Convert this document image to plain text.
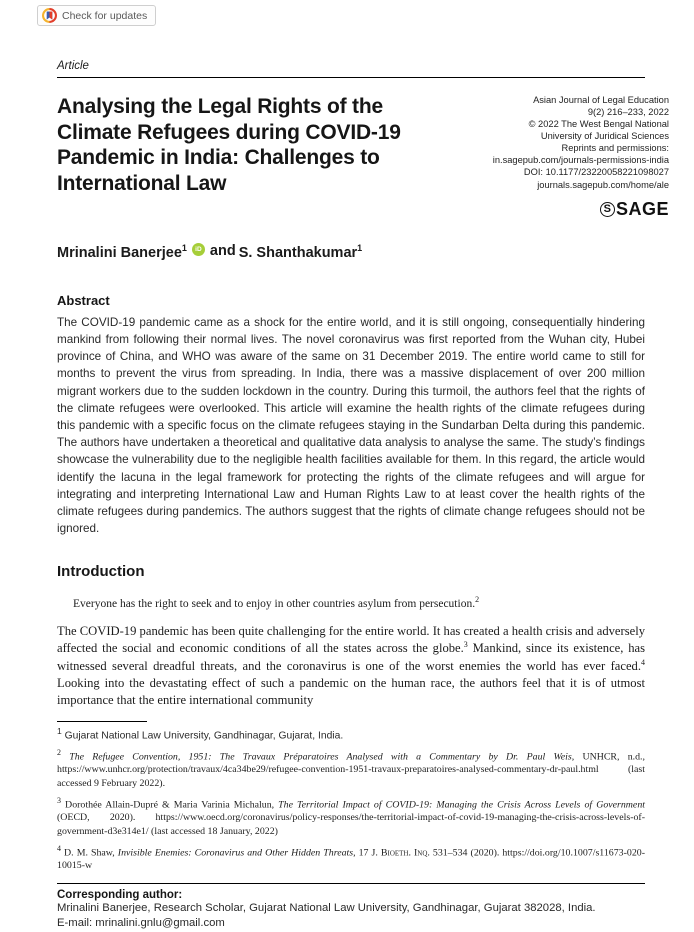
Check for updates
Article
Analysing the Legal Rights of the Climate Refugees during COVID-19 Pandemic in India: Challenges to International Law
Asian Journal of Legal Education
9(2) 216–233, 2022
© 2022 The West Bengal National
University of Juridical Sciences
Reprints and permissions:
in.sagepub.com/journals-permissions-india
DOI: 10.1177/23220058221098027
journals.sagepub.com/home/ale
S SAGE
Mrinalini Banerjee$^1$	iD and S. Shanthakumar$^1$
Abstract

The COVID-19 pandemic came as a shock for the entire world, and it is still ongoing, consequentially hindering mankind from following their normal lives. The novel coronavirus was first reported from the Wuhan city, Hubei province of China, and WHO was aware of the same on 31 December 2019. The entire world came to still for months to prevent the virus from spreading. In India, there was a massive displacement of over 200 million migrant workers due to the sudden lockdown in the country. During this turmoil, the authors feel that the rights of the climate refugees were overlooked. This article will examine the health rights of the climate refugees during this pandemic with a specific focus on the climate refugees staying in the Sundarban Delta during this pandemic. The authors have undertaken a theoretical and qualitative data analysis to analyse the same. The study’s findings showcase the vulnerability due to the negligible health facilities available for them. In this regard, the article would identify the lacuna in the legal framework for protecting the rights of the climate refugees and will argue for integrating and interpreting International Law and Human Rights Law to at least cover the health rights of the climate refugees during pandemics. The authors suggest that the rights of climate change refugees should not be ignored.

Introduction

Everyone has the right to seek and to enjoy in other countries asylum from persecution.$^2$

The COVID-19 pandemic has been quite challenging for the entire world. It has created a health crisis and adversely affected the social and economic conditions of all the states across the globe.$^3$ Mankind, since its existence, has witnessed several dreadful threats, and the coronavirus is one of the worst enemies the world has ever faced.$^4$ Looking into the devastating effect of such a pandemic on the human race, the authors feel that it is of utmost importance that the entire international community

$^1$ Gujarat National Law University, Gandhinagar, Gujarat, India.

$^2$ The Refugee Convention, 1951: The Travaux Préparatoires Analysed with a Commentary by Dr. Paul Weis, UNHCR, n.d., https://www.unhcr.org/protection/travaux/4ca34be29/refugee-convention-1951-travaux-preparatoires-analysed-commentary-dr-paul.html (last accessed 9 February 2022).

$^3$ Dorothée Allain-Dupré & Maria Varinia Michalun, The Territorial Impact of COVID-19: Managing the Crisis Across Levels of Government (OECD, 2020). https://www.oecd.org/coronavirus/policy-responses/the-territorial-impact-of-covid-19-managing-the-crisis-across-levels-of-government-d3e314e1/ (last accessed 18 January, 2022)

$^4$ D. M. Shaw, Invisible Enemies: Coronavirus and Other Hidden Threats, 17 J. Bioeth. Inq. 531–534 (2020). https://doi.org/10.1007/s11673-020-10015-w

Corresponding author:
Mrinalini Banerjee, Research Scholar, Gujarat National Law University, Gandhinagar, Gujarat 382028, India.
E-mail: mrinalini.gnlu@gmail.com
